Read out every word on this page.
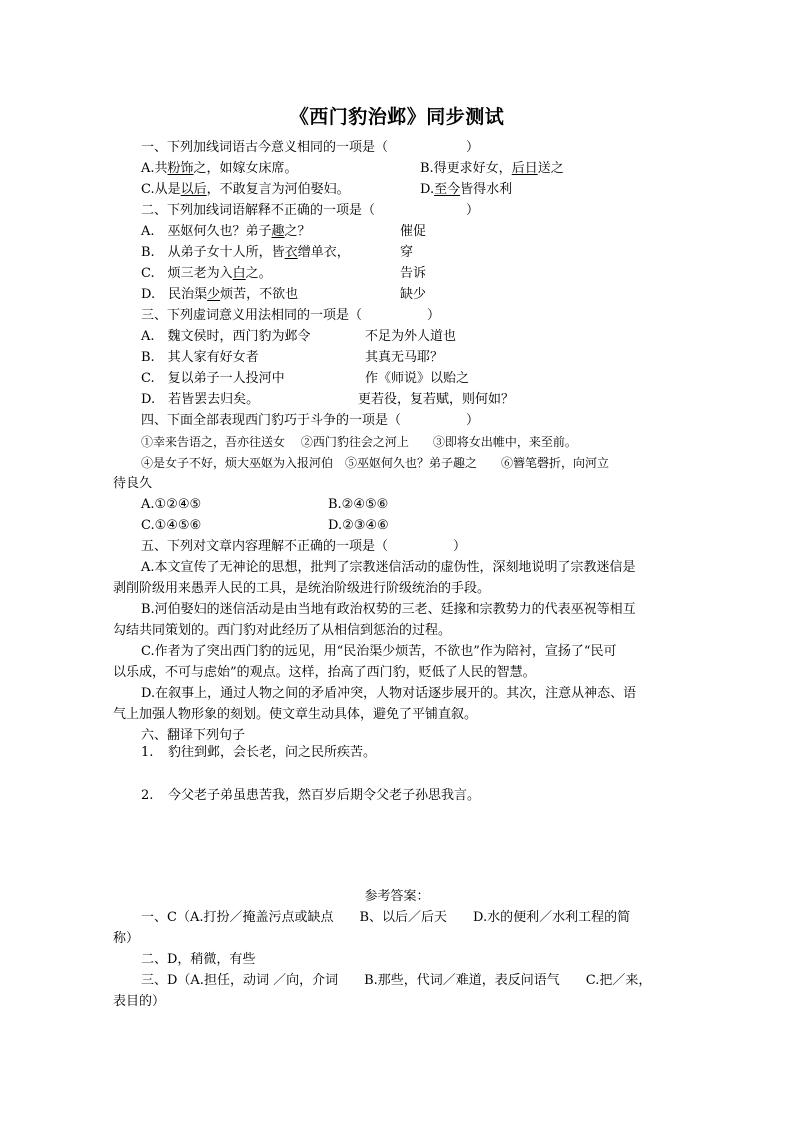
《西门豹治邺》同步测试
一、下列加线词语古今意义相同的一项是（　　　　　　）
A.共粉饰之，如嫁女床席。	B.得更求好女，后日送之
C.从是以后，不敢复言为河伯娶妇。	D.至今皆得水利
二、下列加线词语解释不正确的一项是（　　　　　　　）
A.　巫妪何久也？弟子趣之？	催促
B.　从弟子女十人所，皆衣缯单衣，	穿
C.　烦三老为入白之。	告诉
D.　民治渠少烦苦，不欲也	缺少
三、下列虚词意义用法相同的一项是（　　　　　）
A.　魏文侯时，西门豹为邺令	不足为外人道也
B.　其人家有好女者	其真无马耶？
C.　复以弟子一人投河中	作《师说》以贻之
D.　若皆罢去归矣。	更若役，复若赋，则何如？
四、下面全部表现西门豹巧于斗争的一项是（　　　　　）
①幸来告语之，吾亦往送女　 ②西门豹往会之河上　　③即将女出帷中，来至前。
④是女子不好，烦大巫妪为入报河伯　⑤巫妪何久也？弟子趣之　　⑥簪笔磬折，向河立
待良久
A.①②④⑤	B.②④⑤⑥
C.①④⑤⑥	D.②③④⑥
五、下列对文章内容理解不正确的一项是（　　　　　）
A.本文宣传了无神论的思想，批判了宗教迷信活动的虚伪性，深刻地说明了宗教迷信是
剥削阶级用来愚弄人民的工具，是统治阶级进行阶级统治的手段。
B.河伯娶妇的迷信活动是由当地有政治权势的三老、廷掾和宗教势力的代表巫祝等相互
勾结共同策划的。西门豹对此经历了从相信到惩治的过程。
C.作者为了突出西门豹的远见，用“民治渠少烦苦，不欲也”作为陪衬，宣扬了“民可
以乐成，不可与虑始”的观点。这样，抬高了西门豹，贬低了人民的智慧。
D.在叙事上，通过人物之间的矛盾冲突，人物对话逐步展开的。其次，注意从神态、语
气上加强人物形象的刻划。使文章生动具体，避免了平铺直叙。
六、翻译下列句子
1. 豹往到邺，会长老，问之民所疾苦。
2. 今父老子弟虽患苦我，然百岁后期令父老子孙思我言。
参考答案：
一、C（A.打扮／掩盖污点或缺点　　B、以后／后天　　D.水的便利／水利工程的简
称）
二、D，稍微，有些
三、D（A.担任，动词 ／向，介词　　B.那些，代词／难道，表反问语气　　C.把／来，
表目的）
